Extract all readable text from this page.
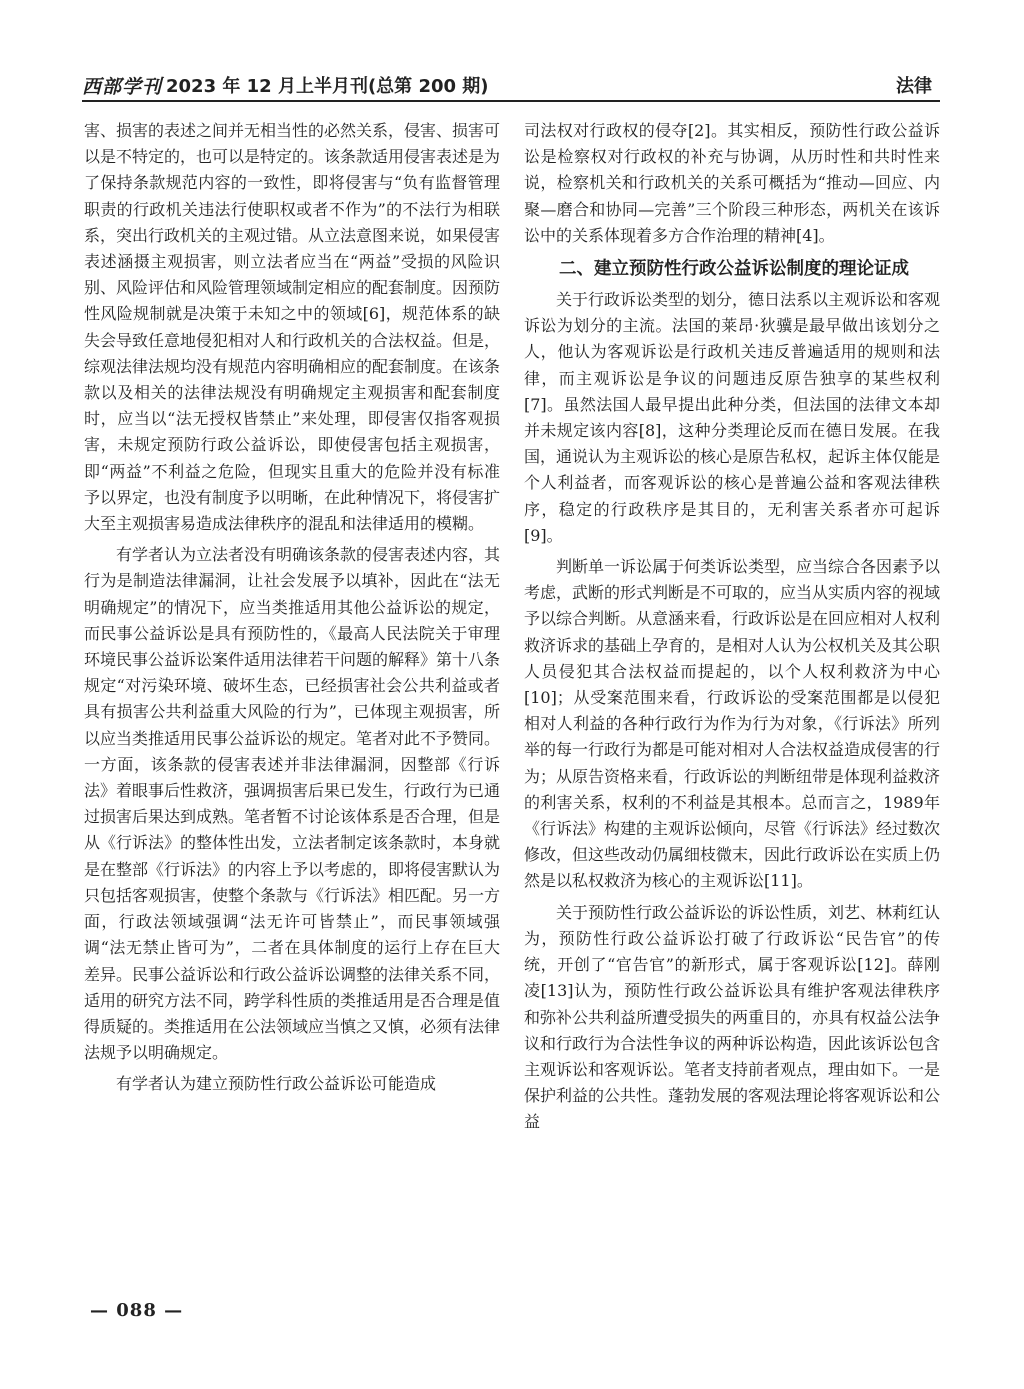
西部学刊 2023 年 12 月上半月刊(总第 200 期)	法律

害、损害的表述之间并无相当性的必然关系，侵害、损害可以是不特定的，也可以是特定的。该条款适用侵害表述是为了保持条款规范内容的一致性，即将侵害与“负有监督管理职责的行政机关违法行使职权或者不作为”的不法行为相联系，突出行政机关的主观过错。从立法意图来说，如果侵害表述涵摄主观损害，则立法者应当在“两益”受损的风险识别、风险评估和风险管理领域制定相应的配套制度。因预防性风险规制就是决策于未知之中的领域[6]，规范体系的缺失会导致任意地侵犯相对人和行政机关的合法权益。但是，综观法律法规均没有规范内容明确相应的配套制度。在该条款以及相关的法律法规没有明确规定主观损害和配套制度时，应当以“法无授权皆禁止”来处理，即侵害仅指客观损害，未规定预防行政公益诉讼，即使侵害包括主观损害，即“两益”不利益之危险，但现实且重大的危险并没有标准予以界定，也没有制度予以明晰，在此种情况下，将侵害扩大至主观损害易造成法律秩序的混乱和法律适用的模糊。

有学者认为立法者没有明确该条款的侵害表述内容，其行为是制造法律漏洞，让社会发展予以填补，因此在“法无明确规定”的情况下，应当类推适用其他公益诉讼的规定，而民事公益诉讼是具有预防性的，《最高人民法院关于审理环境民事公益诉讼案件适用法律若干问题的解释》第十八条规定“对污染环境、破坏生态，已经损害社会公共利益或者具有损害公共利益重大风险的行为”，已体现主观损害，所以应当类推适用民事公益诉讼的规定。笔者对此不予赞同。一方面，该条款的侵害表述并非法律漏洞，因整部《行诉法》着眼事后性救济，强调损害后果已发生，行政行为已通过损害后果达到成熟。笔者暂不讨论该体系是否合理，但是从《行诉法》的整体性出发，立法者制定该条款时，本身就是在整部《行诉法》的内容上予以考虑的，即将侵害默认为只包括客观损害，使整个条款与《行诉法》相匹配。另一方面，行政法领域强调“法无许可皆禁止”，而民事领域强调“法无禁止皆可为”，二者在具体制度的运行上存在巨大差异。民事公益诉讼和行政公益诉讼调整的法律关系不同，适用的研究方法不同，跨学科性质的类推适用是否合理是值得质疑的。类推适用在公法领域应当慎之又慎，必须有法律法规予以明确规定。

有学者认为建立预防性行政公益诉讼可能造成

司法权对行政权的侵夺[2]。其实相反，预防性行政公益诉讼是检察权对行政权的补充与协调，从历时性和共时性来说，检察机关和行政机关的关系可概括为“推动—回应、内聚—磨合和协同—完善”三个阶段三种形态，两机关在该诉讼中的关系体现着多方合作治理的精神[4]。

二、建立预防性行政公益诉讼制度的理论证成

关于行政诉讼类型的划分，德日法系以主观诉讼和客观诉讼为划分的主流。法国的莱昂·狄骥是最早做出该划分之人，他认为客观诉讼是行政机关违反普遍适用的规则和法律，而主观诉讼是争议的问题违反原告独享的某些权利[7]。虽然法国人最早提出此种分类，但法国的法律文本却并未规定该内容[8]，这种分类理论反而在德日发展。在我国，通说认为主观诉讼的核心是原告私权，起诉主体仅能是个人利益者，而客观诉讼的核心是普遍公益和客观法律秩序，稳定的行政秩序是其目的，无利害关系者亦可起诉[9]。

判断单一诉讼属于何类诉讼类型，应当综合各因素予以考虑，武断的形式判断是不可取的，应当从实质内容的视域予以综合判断。从意涵来看，行政诉讼是在回应相对人权利救济诉求的基础上孕育的，是相对人认为公权机关及其公职人员侵犯其合法权益而提起的，以个人权利救济为中心[10]；从受案范围来看，行政诉讼的受案范围都是以侵犯相对人利益的各种行政行为作为行为对象，《行诉法》所列举的每一行政行为都是可能对相对人合法权益造成侵害的行为；从原告资格来看，行政诉讼的判断纽带是体现利益救济的利害关系，权利的不利益是其根本。总而言之，1989年《行诉法》构建的主观诉讼倾向，尽管《行诉法》经过数次修改，但这些改动仍属细枝微末，因此行政诉讼在实质上仍然是以私权救济为核心的主观诉讼[11]。

关于预防性行政公益诉讼的诉讼性质，刘艺、林莉红认为，预防性行政公益诉讼打破了行政诉讼“民告官”的传统，开创了“官告官”的新形式，属于客观诉讼[12]。薛刚凌[13]认为，预防性行政公益诉讼具有维护客观法律秩序和弥补公共利益所遭受损失的两重目的，亦具有权益公法争议和行政行为合法性争议的两种诉讼构造，因此该诉讼包含主观诉讼和客观诉讼。笔者支持前者观点，理由如下。一是保护利益的公共性。蓬勃发展的客观法理论将客观诉讼和公益

— 088 —
